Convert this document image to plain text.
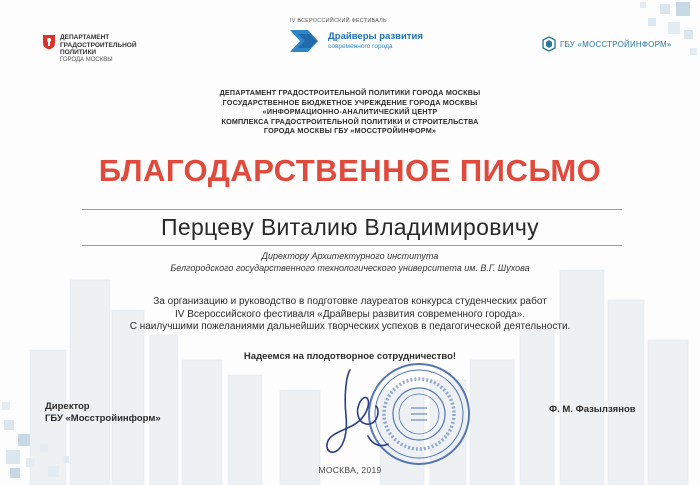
ДЕПАРТАМЕНТ
ГРАДОСТРОИТЕЛЬНОЙ ПОЛИТИКИ
ГОРОДА МОСКВЫ
IV ВСЕРОССИЙСКИЙ ФЕСТИВАЛЬ
Драйверы развития
современного города	ГБУ «МОССТРОЙИНФОРМ»
ДЕПАРТАМЕНТ ГРАДОСТРОИТЕЛЬНОЙ ПОЛИТИКИ ГОРОДА МОСКВЫ
ГОСУДАРСТВЕННОЕ БЮДЖЕТНОЕ УЧРЕЖДЕНИЕ ГОРОДА МОСКВЫ
«ИНФОРМАЦИОННО-АНАЛИТИЧЕСКИЙ ЦЕНТР
КОМПЛЕКСА ГРАДОСТРОИТЕЛЬНОЙ ПОЛИТИКИ И СТРОИТЕЛЬСТВА
ГОРОДА МОСКВЫ ГБУ «МОССТРОЙИНФОРМ»
БЛАГОДАРСТВЕННОЕ ПИСЬМО
Перцеву Виталию Владимировичу
Директору Архитектурного института
Белгородского государственного технологического университета им. В.Г. Шухова
За организацию и руководство в подготовке лауреатов конкурса студенческих работ
IV Всероссийского фестиваля «Драйверы развития современного города».
С наилучшими пожеланиями дальнейших творческих успехов в педагогической деятельности.
Надеемся на плодотворное сотрудничество!
Директор
ГБУ «Мосстройинформ»
Ф. М. Фазылзянов
МОСКВА, 2019
